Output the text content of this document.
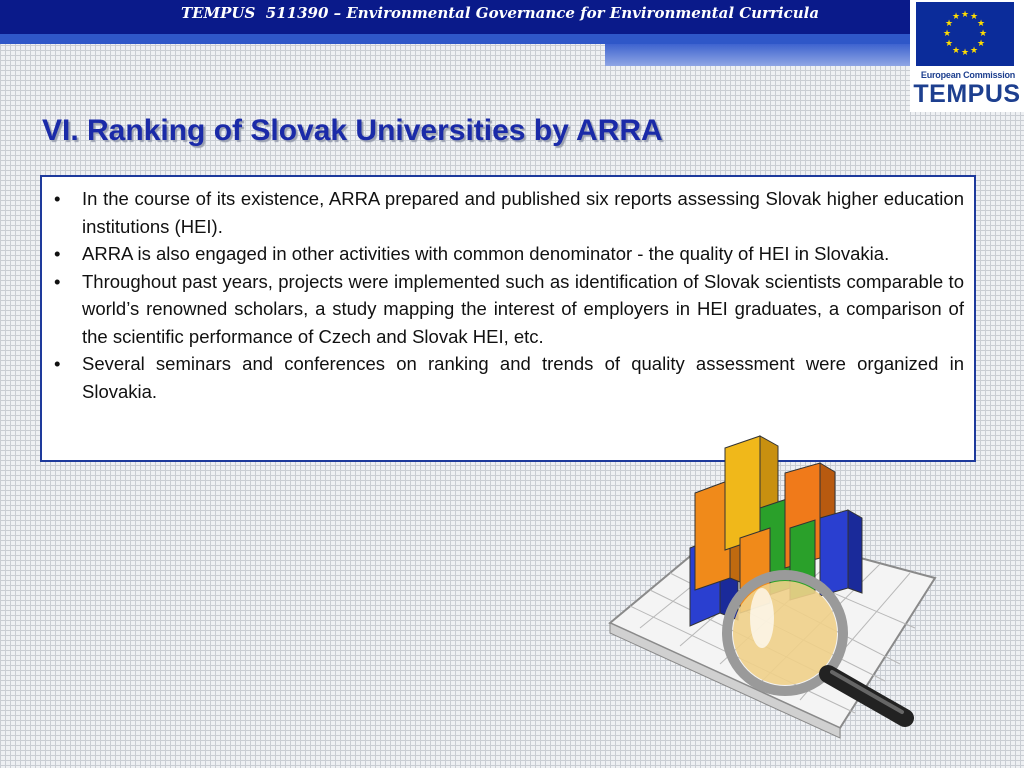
TEMPUS  511390 – Environmental Governance for Environmental Curricula	★ ★
★
★
★
★
★
★
★
★
★
★
European Commission
TEMPUS
VI. Ranking of Slovak Universities by ARRA
• In the course of its existence, ARRA prepared and published six reports assessing Slovak higher education institutions (HEI).
• ARRA is also engaged in other activities with common denominator - the quality of HEI in Slovakia.
• Throughout past years, projects were implemented such as identification of Slovak scientists comparable to world’s renowned scholars, a study mapping the interest of employers in HEI graduates, a comparison of the scientific performance of Czech and Slovak HEI, etc.
• Several seminars and conferences on ranking and trends of quality assessment were organized in Slovakia.
